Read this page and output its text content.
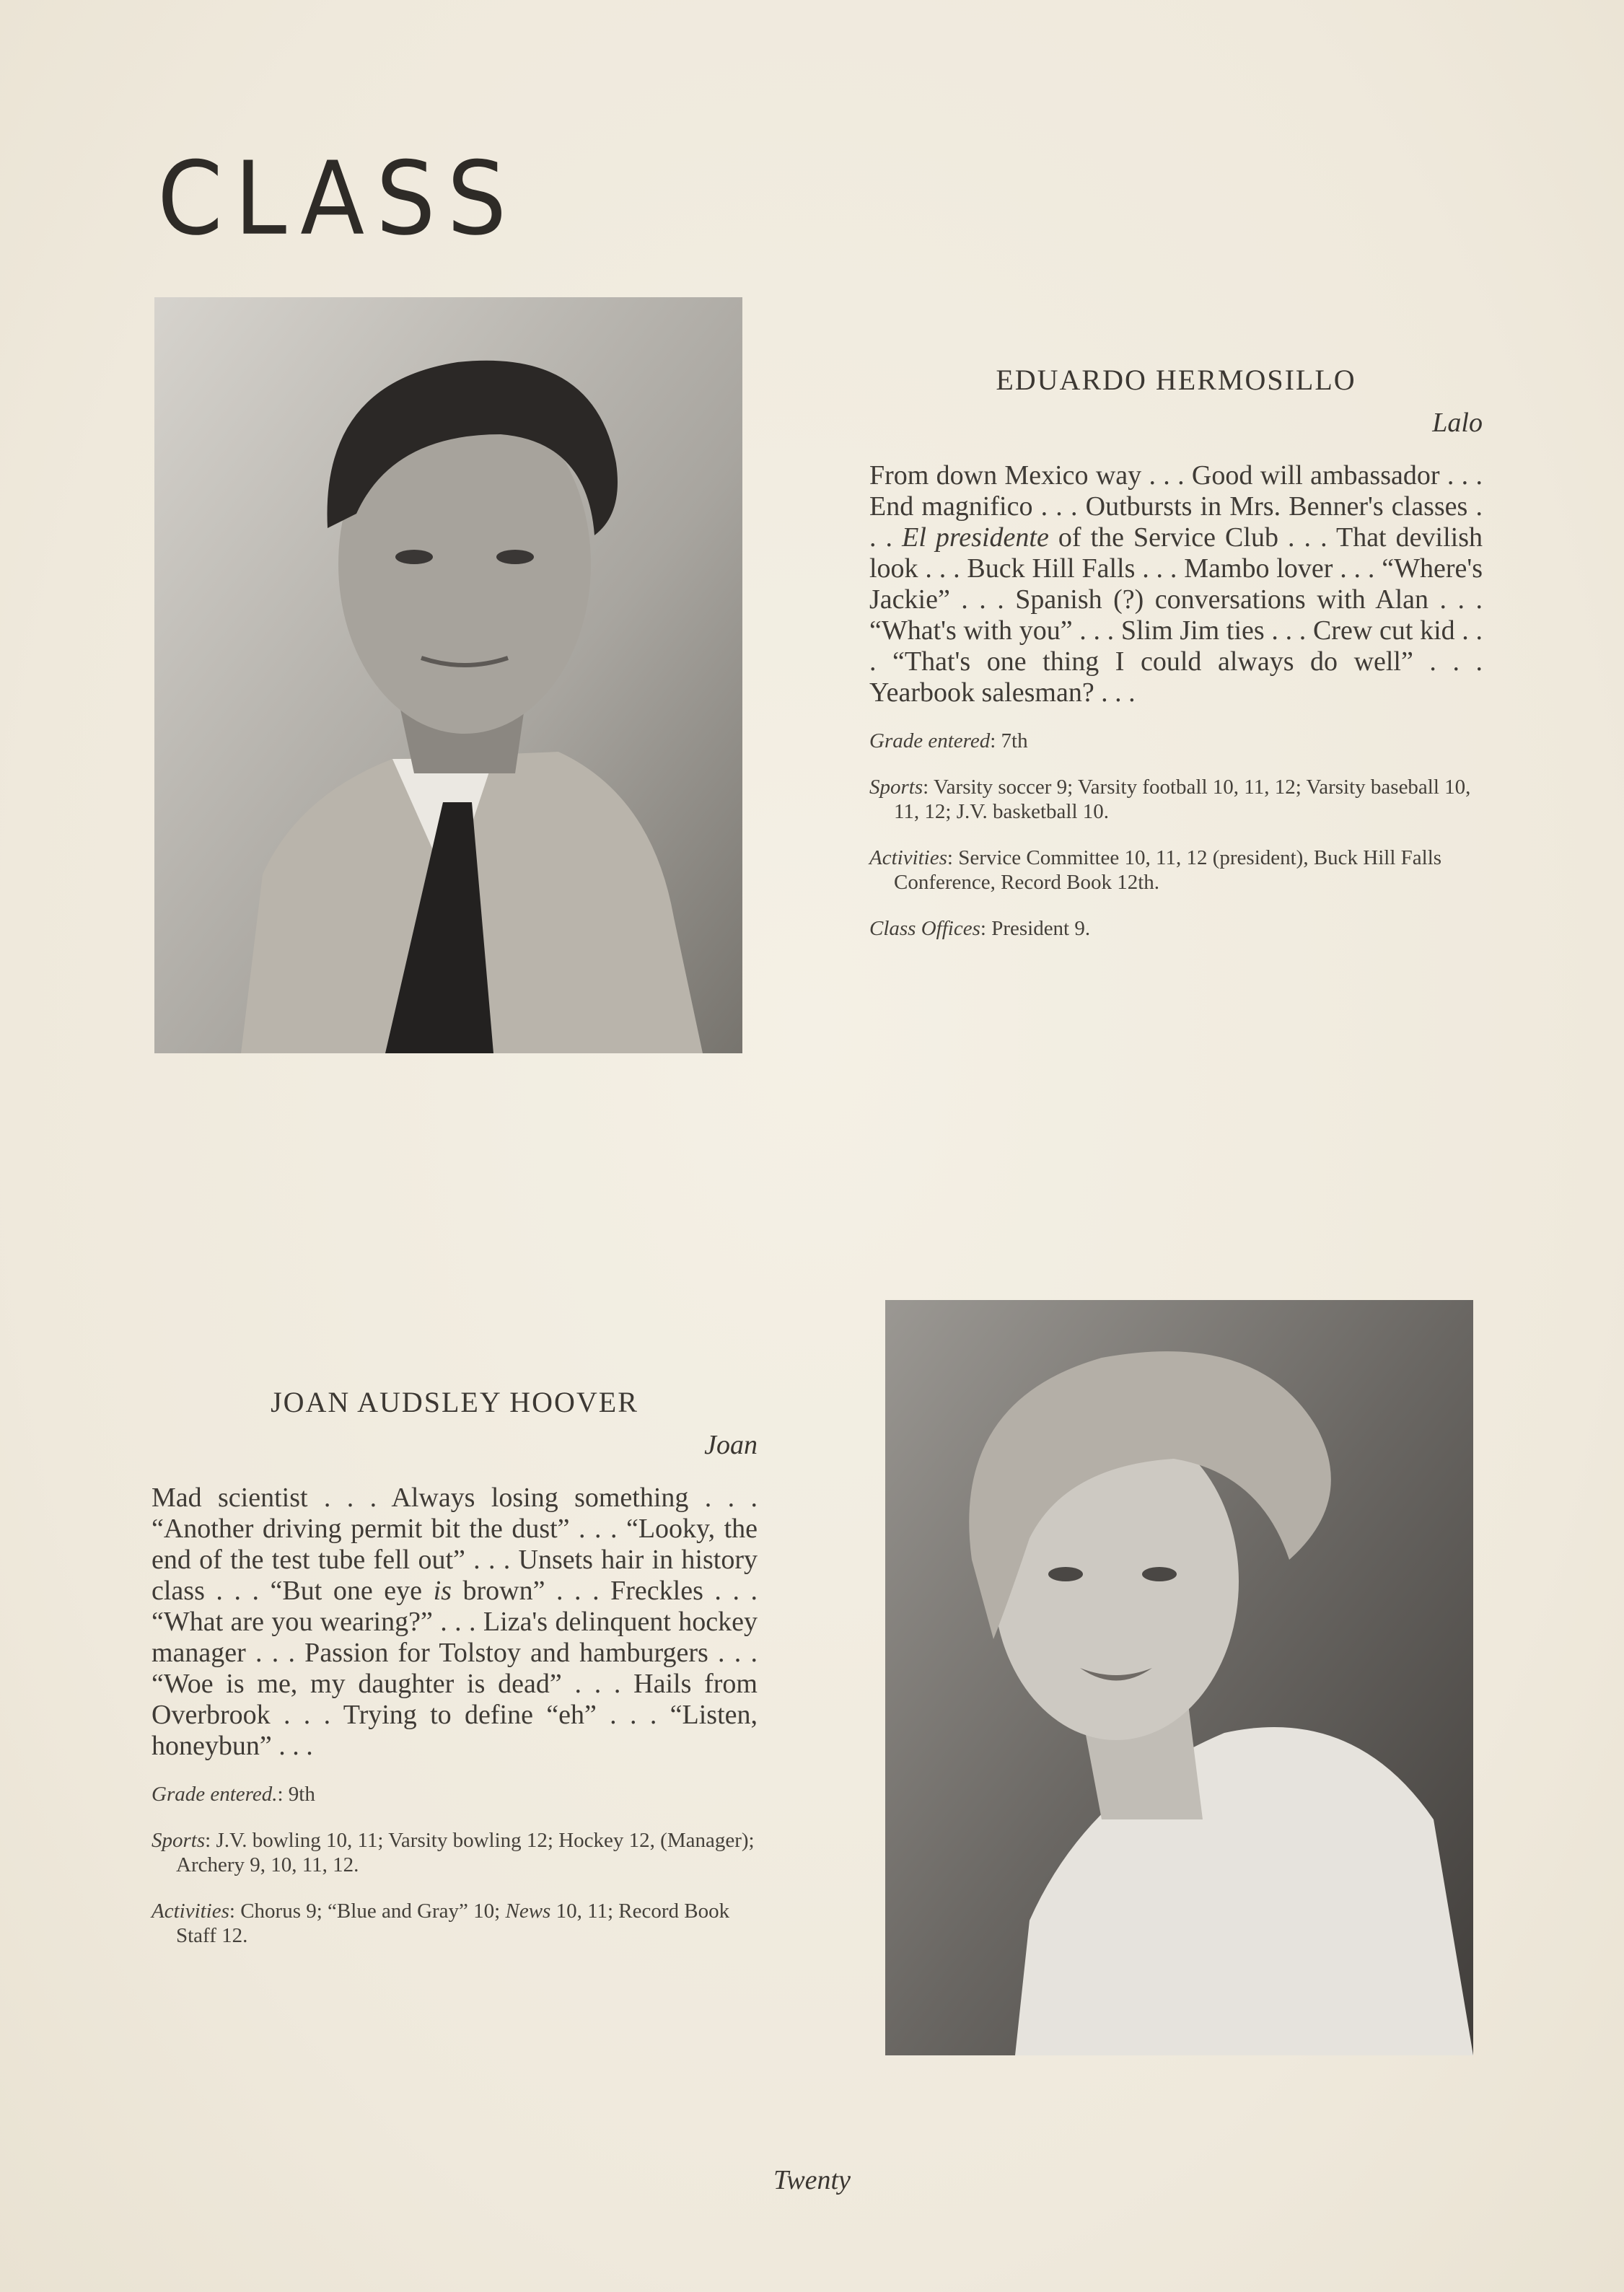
CLASS
EDUARDO HERMOSILLO
Lalo

From down Mexico way . . . Good will ambassador . . . End magnifico . . . Outbursts in Mrs. Benner's classes . . . El presidente of the Service Club . . . That devilish look . . . Buck Hill Falls . . . Mambo lover . . . “Where's Jackie” . . . Spanish (?) conversations with Alan . . . “What's with you” . . . Slim Jim ties . . . Crew cut kid . . . “That's one thing I could always do well” . . . Yearbook salesman? . . .

Grade entered: 7th

Sports: Varsity soccer 9; Varsity football 10, 11, 12; Varsity baseball 10, 11, 12; J.V. basketball 10.

Activities: Service Committee 10, 11, 12 (president), Buck Hill Falls Conference, Record Book 12th.

Class Offices: President 9.

JOAN AUDSLEY HOOVER
Joan

Mad scientist . . . Always losing something . . . “Another driving permit bit the dust” . . . “Looky, the end of the test tube fell out” . . . Unsets hair in history class . . . “But one eye is brown” . . . Freckles . . . “What are you wearing?” . . . Liza's delinquent hockey manager . . . Passion for Tolstoy and hamburgers . . . “Woe is me, my daughter is dead” . . . Hails from Overbrook . . . Trying to define “eh” . . . “Listen, honeybun” . . .

Grade entered.: 9th

Sports: J.V. bowling 10, 11; Varsity bowling 12; Hockey 12, (Manager); Archery 9, 10, 11, 12.

Activities: Chorus 9; “Blue and Gray” 10; News 10, 11; Record Book Staff 12.

Twenty
